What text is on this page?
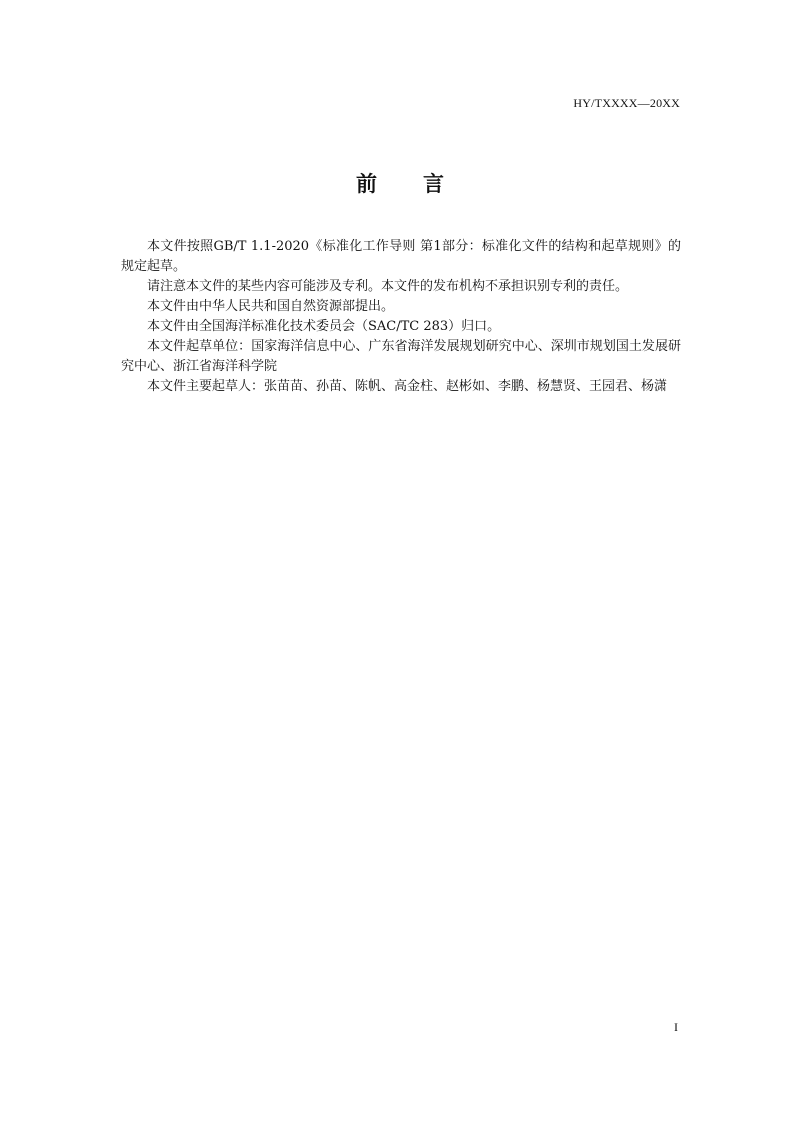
HY/TXXXX—20XX
前 言

本文件按照GB/T 1.1-2020《标准化工作导则 第1部分：标准化文件的结构和起草规则》的规定起草。

请注意本文件的某些内容可能涉及专利。本文件的发布机构不承担识别专利的责任。

本文件由中华人民共和国自然资源部提出。

本文件由全国海洋标准化技术委员会（SAC/TC 283）归口。

本文件起草单位：国家海洋信息中心、广东省海洋发展规划研究中心、深圳市规划国土发展研究中心、浙江省海洋科学院

本文件主要起草人：张苗苗、孙苗、陈帆、高金柱、赵彬如、李鹏、杨慧贤、王园君、杨潇

I
